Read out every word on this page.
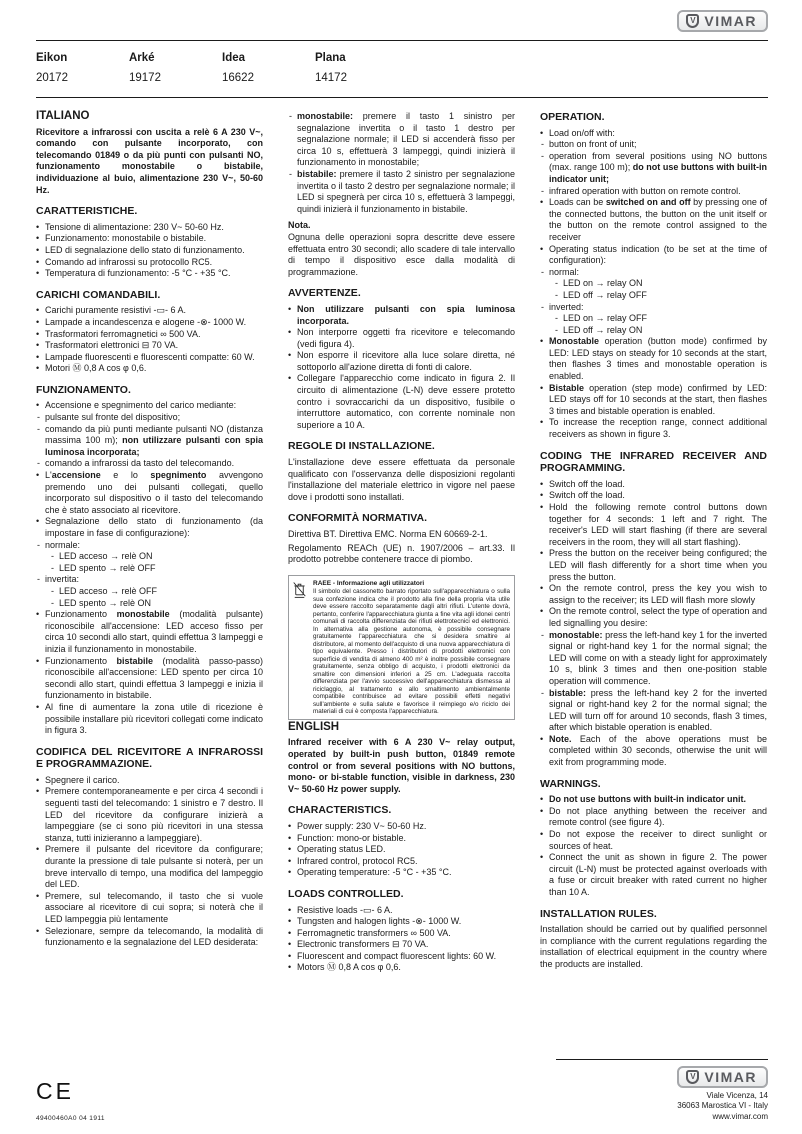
V VIMAR
Eikon
20172
Arké
19172
Idea
16622
Plana
14172
ITALIANO
Ricevitore a infrarossi con uscita a relè 6 A 230 V~, comando con pulsante incorporato, con telecomando 01849 o da più punti con pulsanti NO, funzionamento monostabile o bistabile, individuazione al buio, alimentazione 230 V~, 50-60 Hz.
CARATTERISTICHE.
• Tensione di alimentazione: 230 V~ 50-60 Hz.
• Funzionamento: monostabile o bistabile.
• LED di segnalazione dello stato di funzionamento.
• Comando ad infrarossi su protocollo RC5.
• Temperatura di funzionamento: -5 °C - +35 °C.
CARICHI COMANDABILI.
• Carichi puramente resistivi -▭- 6 A.
• Lampade a incandescenza e alogene -⊗- 1000 W.
• Trasformatori ferromagnetici ∞ 500 VA.
• Trasformatori elettronici ⊟ 70 VA.
• Lampade fluorescenti e fluorescenti compatte: 60 W.
• Motori Ⓜ 0,8 A cos φ 0,6.
FUNZIONAMENTO.
• Accensione e spegnimento del carico mediante:
- pulsante sul fronte del dispositivo;
- comando da più punti mediante pulsanti NO (distanza massima 100 m); non utilizzare pulsanti con spia luminosa incorporata;
- comando a infrarossi da tasto del telecomando.
• L'accensione e lo spegnimento avvengono premendo uno dei pulsanti collegati, quello incorporato sul dispositivo o il tasto del telecomando che è stato associato al ricevitore.
• Segnalazione dello stato di funzionamento (da impostare in fase di configurazione):
- normale:
- LED acceso → relè ON
- LED spento → relè OFF
- invertita:
- LED acceso → relè OFF
- LED spento → relè ON
• Funzionamento monostabile (modalità pulsante) riconoscibile all'accensione: LED acceso fisso per circa 10 secondi allo start, quindi effettua 3 lampeggi e inizia il funzionamento in monostabile.
• Funzionamento bistabile (modalità passo-passo) riconoscibile all'accensione: LED spento per circa 10 secondi allo start, quindi effettua 3 lampeggi e inizia il funzionamento in bistabile.
• Al fine di aumentare la zona utile di ricezione è possibile installare più ricevitori collegati come indicato in figura 3.
CODIFICA DEL RICEVITORE A INFRAROSSI E PROGRAMMAZIONE.
• Spegnere il carico.
• Premere contemporaneamente e per circa 4 secondi i seguenti tasti del telecomando: 1 sinistro e 7 destro. Il LED del ricevitore da configurare inizierà a lampeggiare (se ci sono più ricevitori in una stessa stanza, tutti inizieranno a lampeggiare).
• Premere il pulsante del ricevitore da configurare; durante la pressione di tale pulsante si noterà, per un breve intervallo di tempo, una modifica del lampeggio del LED.
• Premere, sul telecomando, il tasto che si vuole associare al ricevitore di cui sopra; si noterà che il LED lampeggia più lentamente
• Selezionare, sempre da telecomando, la modalità di funzionamento e la segnalazione del LED desiderata:
- monostabile: premere il tasto 1 sinistro per segnalazione invertita o il tasto 1 destro per segnalazione normale; il LED si accenderà fisso per circa 10 s, effettuerà 3 lampeggi, quindi inizierà il funzionamento in monostabile;
- bistabile: premere il tasto 2 sinistro per segnalazione invertita o il tasto 2 destro per segnalazione normale; il LED si spegnerà per circa 10 s, effettuerà 3 lampeggi, quindi inizierà il funzionamento in bistabile.
Nota.
Ognuna delle operazioni sopra descritte deve essere effettuata entro 30 secondi; allo scadere di tale intervallo di tempo il dispositivo esce dalla modalità di programmazione.
AVVERTENZE.
• Non utilizzare pulsanti con spia luminosa incorporata.
• Non interporre oggetti fra ricevitore e telecomando (vedi figura 4).
• Non esporre il ricevitore alla luce solare diretta, né sottoporlo all'azione diretta di fonti di calore.
• Collegare l'apparecchio come indicato in figura 2. Il circuito di alimentazione (L-N) deve essere protetto contro i sovraccarichi da un dispositivo, fusibile o interruttore automatico, con corrente nominale non superiore a 10 A.
REGOLE DI INSTALLAZIONE.
L'installazione deve essere effettuata da personale qualificato con l'osservanza delle disposizioni regolanti l'installazione del materiale elettrico in vigore nel paese dove i prodotti sono installati.
CONFORMITÀ NORMATIVA.
Direttiva BT. Direttiva EMC. Norma EN 60669-2-1.
Regolamento REACh (UE) n. 1907/2006 – art.33. Il prodotto potrebbe contenere tracce di piombo.
RAEE - Informazione agli utilizzatori
Il simbolo del cassonetto barrato riportato sull'apparecchiatura o sulla sua confezione indica che il prodotto alla fine della propria vita utile deve essere raccolto separatamente dagli altri rifiuti. L'utente dovrà, pertanto, conferire l'apparecchiatura giunta a fine vita agli idonei centri comunali di raccolta differenziata dei rifiuti elettrotecnici ed elettronici. In alternativa alla gestione autonoma, è possibile consegnare gratuitamente l'apparecchiatura che si desidera smaltire al distributore, al momento dell'acquisto di una nuova apparecchiatura di tipo equivalente. Presso i distributori di prodotti elettronici con superficie di vendita di almeno 400 m² è inoltre possibile consegnare gratuitamente, senza obbligo di acquisto, i prodotti elettronici da smaltire con dimensioni inferiori a 25 cm. L'adeguata raccolta differenziata per l'avvio successivo dell'apparecchiatura dismessa al riciclaggio, al trattamento e allo smaltimento ambientalmente compatibile contribuisce ad evitare possibili effetti negativi sull'ambiente e sulla salute e favorisce il reimpiego e/o riciclo dei materiali di cui è composta l'apparecchiatura.
ENGLISH
Infrared receiver with 6 A 230 V~ relay output, operated by built-in push button, 01849 remote control or from several positions with NO buttons, mono- or bi-stable function, visible in darkness, 230 V~ 50-60 Hz power supply.
CHARACTERISTICS.
• Power supply: 230 V~ 50-60 Hz.
• Function: mono-or bistable.
• Operating status LED.
• Infrared control, protocol RC5.
• Operating temperature: -5 °C - +35 °C.
LOADS CONTROLLED.
• Resistive loads -▭- 6 A.
• Tungsten and halogen lights -⊗- 1000 W.
• Ferromagnetic transformers ∞ 500 VA.
• Electronic transformers ⊟ 70 VA.
• Fluorescent and compact fluorescent lights: 60 W.
• Motors Ⓜ 0,8 A cos φ 0,6.
OPERATION.
• Load on/off with:
- button on front of unit;
- operation from several positions using NO buttons (max. range 100 m); do not use buttons with built-in indicator unit;
- infrared operation with button on remote control.
• Loads can be switched on and off by pressing one of the connected buttons, the button on the unit itself or the button on the remote control assigned to the receiver
• Operating status indication (to be set at the time of configuration):
- normal:
- LED on → relay ON
- LED off → relay OFF
- inverted:
- LED on → relay OFF
- LED off → relay ON
• Monostable operation (button mode) confirmed by LED: LED stays on steady for 10 seconds at the start, then flashes 3 times and monostable operation is enabled.
• Bistable operation (step mode) confirmed by LED: LED stays off for 10 seconds at the start, then flashes 3 times and bistable operation is enabled.
• To increase the reception range, connect additional receivers as shown in figure 3.
CODING THE INFRARED RECEIVER AND PROGRAMMING.
• Switch off the load.
• Switch off the load.
• Hold the following remote control buttons down together for 4 seconds: 1 left and 7 right. The receiver's LED will start flashing (if there are several receivers in the room, they will all start flashing).
• Press the button on the receiver being configured; the LED will flash differently for a short time when you press the button.
• On the remote control, press the key you wish to assign to the receiver; its LED will flash more slowly
• On the remote control, select the type of operation and led signalling you desire:
- monostable: press the left-hand key 1 for the inverted signal or right-hand key 1 for the normal signal; the LED will come on with a steady light for approximately 10 s, blink 3 times and then one-position stable operation will commence.
- bistable: press the left-hand key 2 for the inverted signal or right-hand key 2 for the normal signal; the LED will turn off for around 10 seconds, flash 3 times, after which bistable operation is enabled.
• Note. Each of the above operations must be completed within 30 seconds, otherwise the unit will exit from programming mode.
WARNINGS.
• Do not use buttons with built-in indicator unit.
• Do not place anything between the receiver and remote control (see figure 4).
• Do not expose the receiver to direct sunlight or sources of heat.
• Connect the unit as shown in figure 2. The power circuit (L-N) must be protected against overloads with a fuse or circuit breaker with rated current no higher than 10 A.
INSTALLATION RULES.
Installation should be carried out by qualified personnel in compliance with the current regulations regarding the installation of electrical equipment in the country where the products are installed.
CE
49400460A0 04 1911
V VIMAR
Viale Vicenza, 14
36063 Marostica VI - Italy
www.vimar.com
